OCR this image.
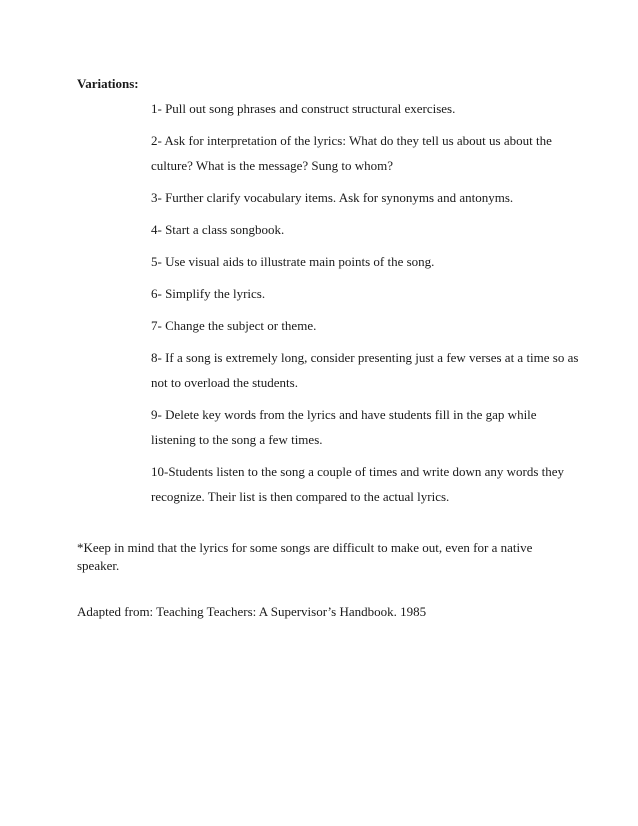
Variations:
1- Pull out song phrases and construct structural exercises.
2- Ask for interpretation of the lyrics: What do they tell us about us about the culture? What is the message? Sung to whom?
3- Further clarify vocabulary items. Ask for synonyms and antonyms.
4- Start a class songbook.
5- Use visual aids to illustrate main points of the song.
6- Simplify the lyrics.
7- Change the subject or theme.
8- If a song is extremely long, consider presenting just a few verses at a time so as not to overload the students.
9- Delete key words from the lyrics and have students fill in the gap while listening to the song a few times.
10-Students listen to the song a couple of times and write down any words they recognize. Their list is then compared to the actual lyrics.

*Keep in mind that the lyrics for some songs are difficult to make out, even for a native speaker.

Adapted from: Teaching Teachers: A Supervisor’s Handbook. 1985
